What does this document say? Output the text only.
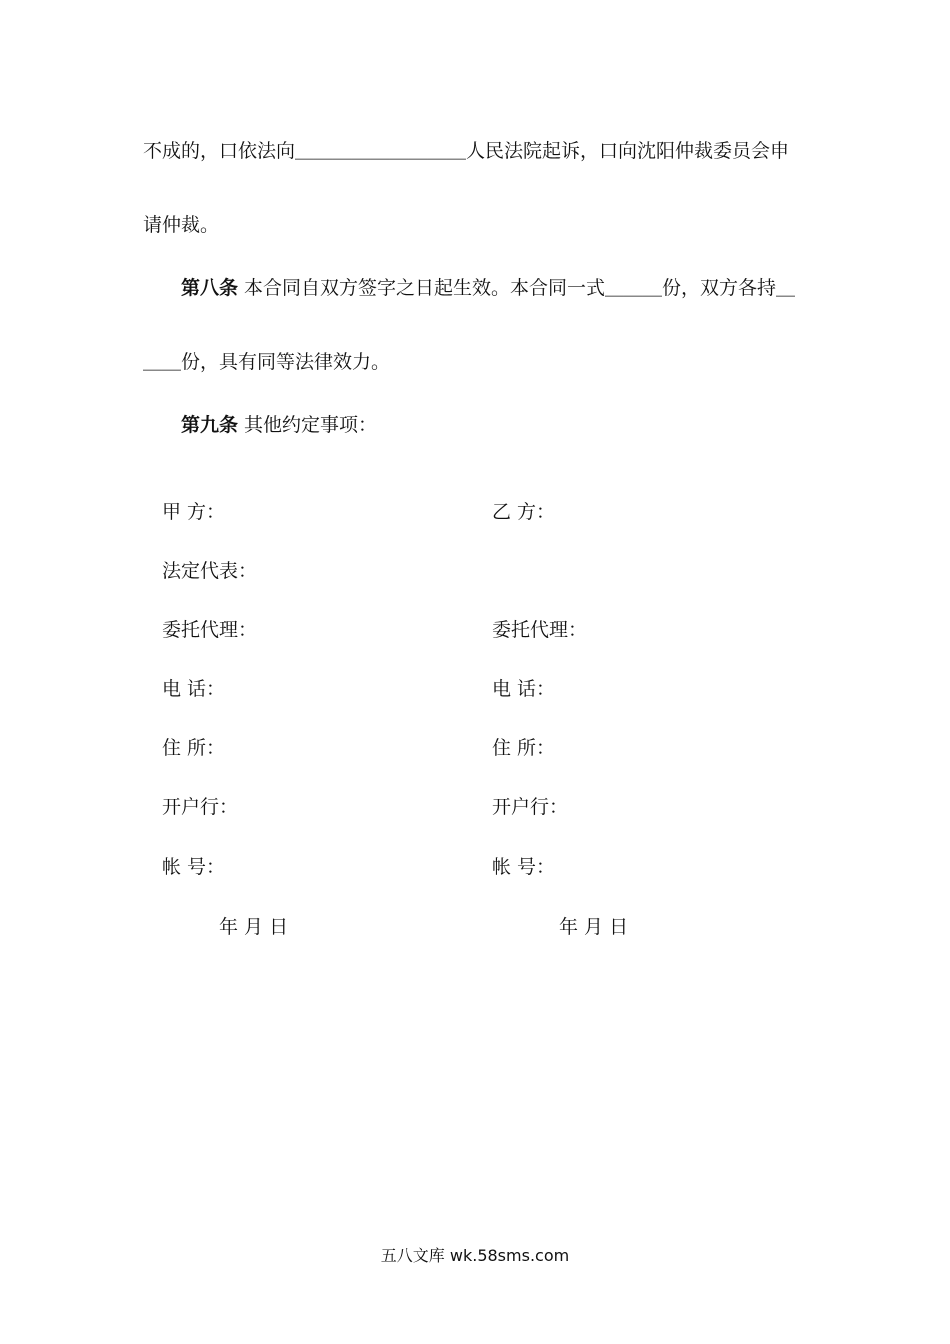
不成的，口依法向＿＿＿＿＿＿＿＿＿人民法院起诉，口向沈阳仲裁委员会申
请仲裁。
第八条 本合同自双方签字之日起生效。本合同一式＿＿＿份，双方各持＿
＿＿份，具有同等法律效力。
第九条 其他约定事项：
甲 方：	乙 方：
法定代表：
委托代理：	委托代理：
电 话：	电 话：
住 所：	住 所：
开户行：	开户行：
帐 号：	帐 号：
年 月 日	年 月 日
五八文库 wk.58sms.com
